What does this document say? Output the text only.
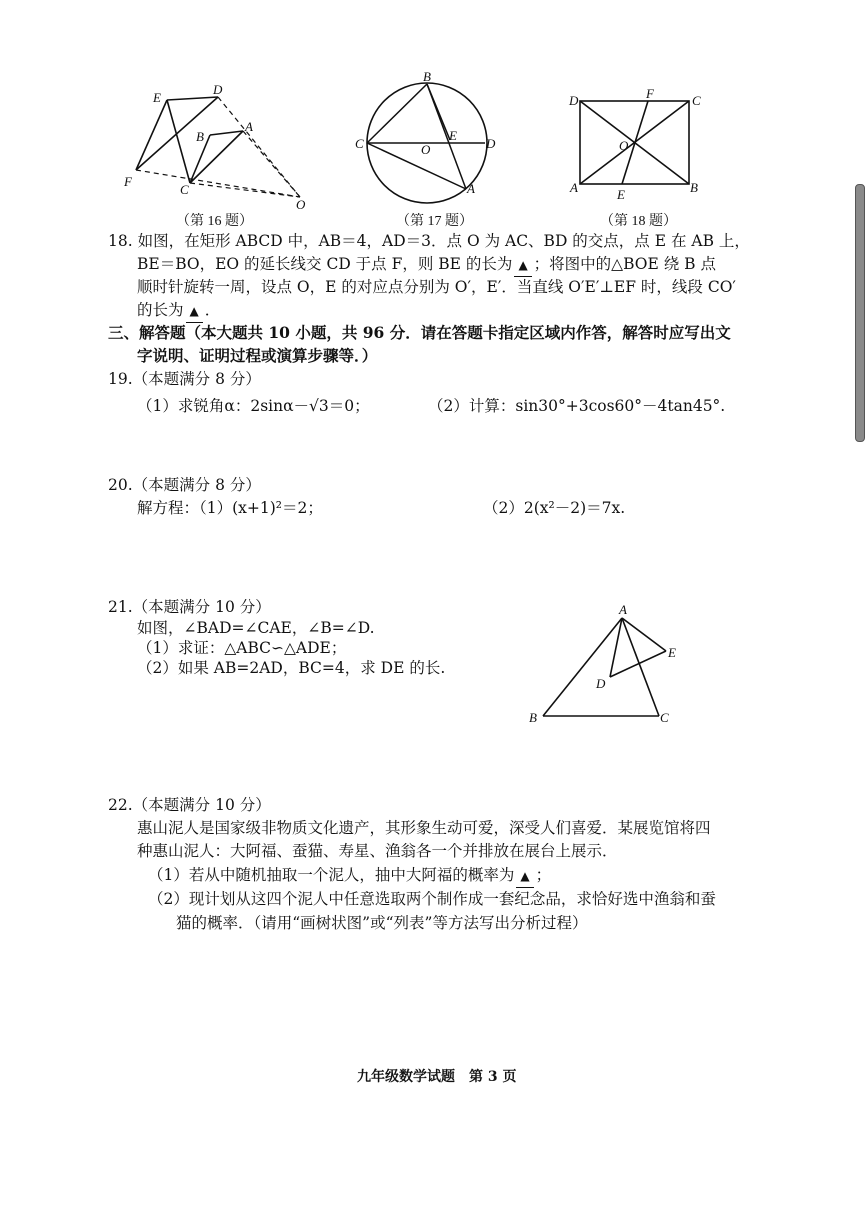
E
D
B
A
F
C
O
（第 16 题）
B
C	O
E
D
A
（第 17 题）
D	F	C
O
A	E	B
（第 18 题）
18. 如图，在矩形 ABCD 中，AB＝4，AD＝3．点 O 为 AC、BD 的交点，点 E 在 AB 上，
BE＝BO，EO 的延长线交 CD 于点 F，则 BE 的长为 ▲ ；将图中的△BOE 绕 B 点
顺时针旋转一周，设点 O，E 的对应点分别为 O′，E′．当直线 O′E′⊥EF 时，线段 CO′
的长为 ▲ ．
三、解答题（本大题共 10 小题，共 96 分．请在答题卡指定区域内作答，解答时应写出文
字说明、证明过程或演算步骤等．）
19.（本题满分 8 分）
（1）求锐角α：2sinα－√3＝0；	（2）计算：sin30°+3cos60°－4tan45°.
20.（本题满分 8 分）
解方程：（1）(x+1)²＝2；	（2）2(x²－2)＝7x.
21.（本题满分 10 分）
如图，∠BAD=∠CAE，∠B=∠D.
（1）求证：△ABC∽△ADE；
（2）如果 AB=2AD，BC=4，求 DE 的长.
A
E
D
B	C
22.（本题满分 10 分）
惠山泥人是国家级非物质文化遗产，其形象生动可爱，深受人们喜爱．某展览馆将四
种惠山泥人：大阿福、蚕猫、寿星、渔翁各一个并排放在展台上展示．
（1）若从中随机抽取一个泥人，抽中大阿福的概率为 ▲ ；
（2）现计划从这四个泥人中任意选取两个制作成一套纪念品，求恰好选中渔翁和蚕
猫的概率．（请用“画树状图”或“列表”等方法写出分析过程）
九年级数学试题　第 3 页
